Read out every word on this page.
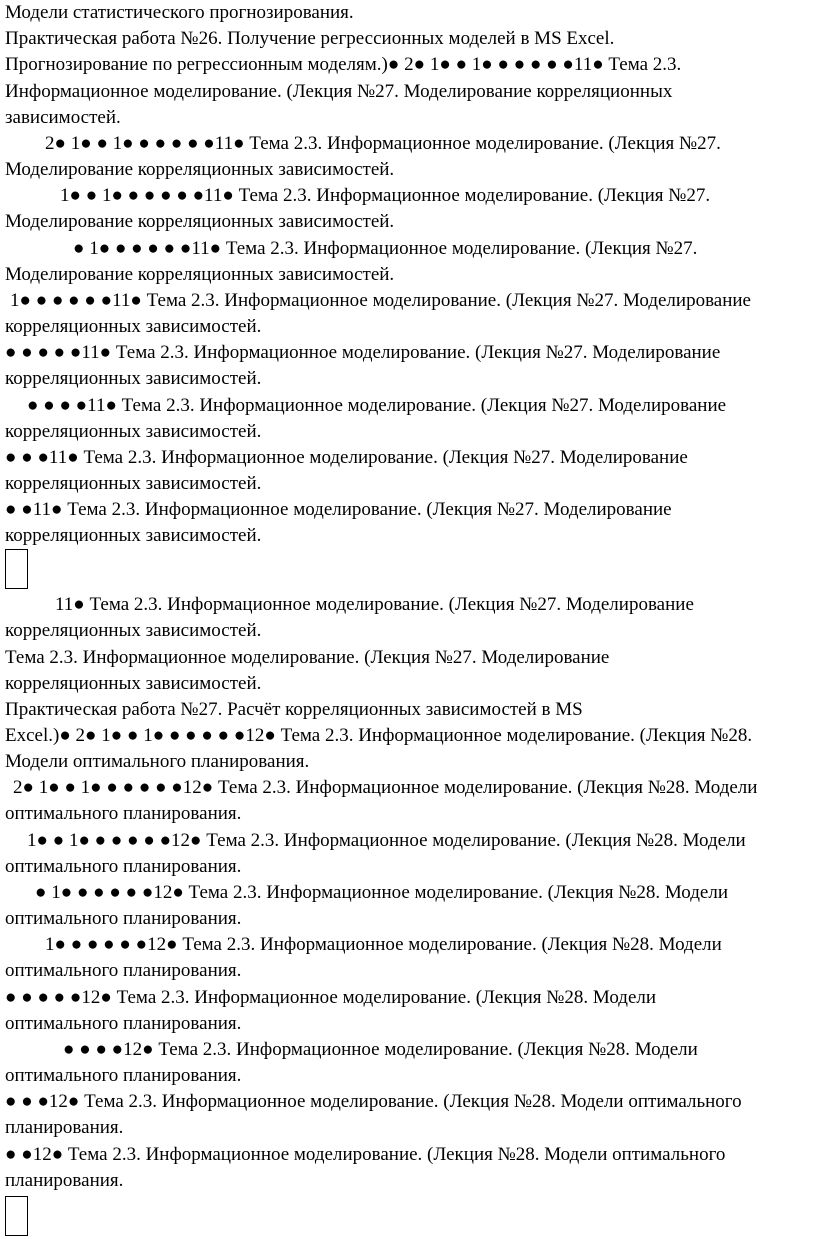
Модели статистического прогнозирования.
Практическая работа №26. Получение регрессионных моделей в MS Excel.
Прогнозирование по регрессионным моделям.)● 2● 1● ● 1● ● ● ● ● ●11● Тема 2.3.
Информационное моделирование. (Лекция №27. Моделирование корреляционных
зависимостей.
2● 1● ● 1● ● ● ● ● ●11● Тема 2.3. Информационное моделирование. (Лекция №27.
Моделирование корреляционных зависимостей.
1● ● 1● ● ● ● ● ●11● Тема 2.3. Информационное моделирование. (Лекция №27.
Моделирование корреляционных зависимостей.
● 1● ● ● ● ● ●11● Тема 2.3. Информационное моделирование. (Лекция №27.
Моделирование корреляционных зависимостей.
1● ● ● ● ● ●11● Тема 2.3. Информационное моделирование. (Лекция №27. Моделирование
корреляционных зависимостей.
● ● ● ● ●11● Тема 2.3. Информационное моделирование. (Лекция №27. Моделирование
корреляционных зависимостей.
● ● ● ●11● Тема 2.3. Информационное моделирование. (Лекция №27. Моделирование
корреляционных зависимостей.
● ● ●11● Тема 2.3. Информационное моделирование. (Лекция №27. Моделирование
корреляционных зависимостей.
● ●11● Тема 2.3. Информационное моделирование. (Лекция №27. Моделирование
корреляционных зависимостей.
11● Тема 2.3. Информационное моделирование. (Лекция №27. Моделирование
корреляционных зависимостей.
Тема 2.3. Информационное моделирование. (Лекция №27. Моделирование
корреляционных зависимостей.
Практическая работа №27. Расчёт корреляционных зависимостей в MS
Excel.)● 2● 1● ● 1● ● ● ● ● ●12● Тема 2.3. Информационное моделирование. (Лекция №28.
Модели оптимального планирования.
2● 1● ● 1● ● ● ● ● ●12● Тема 2.3. Информационное моделирование. (Лекция №28. Модели
оптимального планирования.
1● ● 1● ● ● ● ● ●12● Тема 2.3. Информационное моделирование. (Лекция №28. Модели
оптимального планирования.
● 1● ● ● ● ● ●12● Тема 2.3. Информационное моделирование. (Лекция №28. Модели
оптимального планирования.
1● ● ● ● ● ●12● Тема 2.3. Информационное моделирование. (Лекция №28. Модели
оптимального планирования.
● ● ● ● ●12● Тема 2.3. Информационное моделирование. (Лекция №28. Модели
оптимального планирования.
● ● ● ●12● Тема 2.3. Информационное моделирование. (Лекция №28. Модели
оптимального планирования.
● ● ●12● Тема 2.3. Информационное моделирование. (Лекция №28. Модели оптимального
планирования.
● ●12● Тема 2.3. Информационное моделирование. (Лекция №28. Модели оптимального
планирования.
